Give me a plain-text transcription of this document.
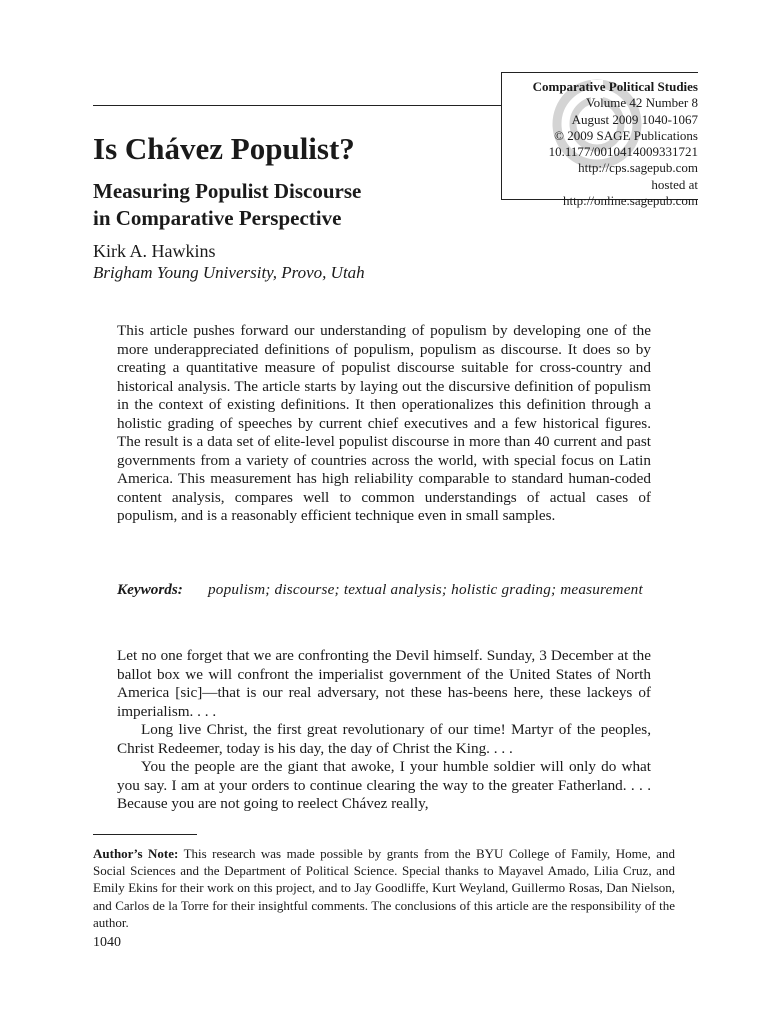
Comparative Political Studies
Volume 42 Number 8
August 2009 1040-1067
© 2009 SAGE Publications
10.1177/0010414009331721
http://cps.sagepub.com
hosted at
http://online.sagepub.com
Is Chávez Populist?
Measuring Populist Discourse
in Comparative Perspective
Kirk A. Hawkins
Brigham Young University, Provo, Utah
This article pushes forward our understanding of populism by developing one of the more underappreciated definitions of populism, populism as discourse. It does so by creating a quantitative measure of populist discourse suitable for cross-country and historical analysis. The article starts by laying out the discursive definition of populism in the context of existing definitions. It then operationalizes this definition through a holistic grading of speeches by current chief executives and a few historical figures. The result is a data set of elite-level populist discourse in more than 40 current and past governments from a variety of countries across the world, with special focus on Latin America. This measurement has high reliability comparable to standard human-coded content analysis, compares well to common understandings of actual cases of populism, and is a reasonably efficient technique even in small samples.
Keywords:	populism; discourse; textual analysis; holistic grading; measurement

Let no one forget that we are confronting the Devil himself. Sunday, 3 December at the ballot box we will confront the imperialist government of the United States of North America [sic]—that is our real adversary, not these has-beens here, these lackeys of imperialism. . . .

Long live Christ, the first great revolutionary of our time! Martyr of the peoples, Christ Redeemer, today is his day, the day of Christ the King. . . .

You the people are the giant that awoke, I your humble soldier will only do what you say. I am at your orders to continue clearing the way to the greater Fatherland. . . . Because you are not going to reelect Chávez really,

Author’s Note: This research was made possible by grants from the BYU College of Family, Home, and Social Sciences and the Department of Political Science. Special thanks to Mayavel Amado, Lilia Cruz, and Emily Ekins for their work on this project, and to Jay Goodliffe, Kurt Weyland, Guillermo Rosas, Dan Nielson, and Carlos de la Torre for their insightful comments. The conclusions of this article are the responsibility of the author.
1040
